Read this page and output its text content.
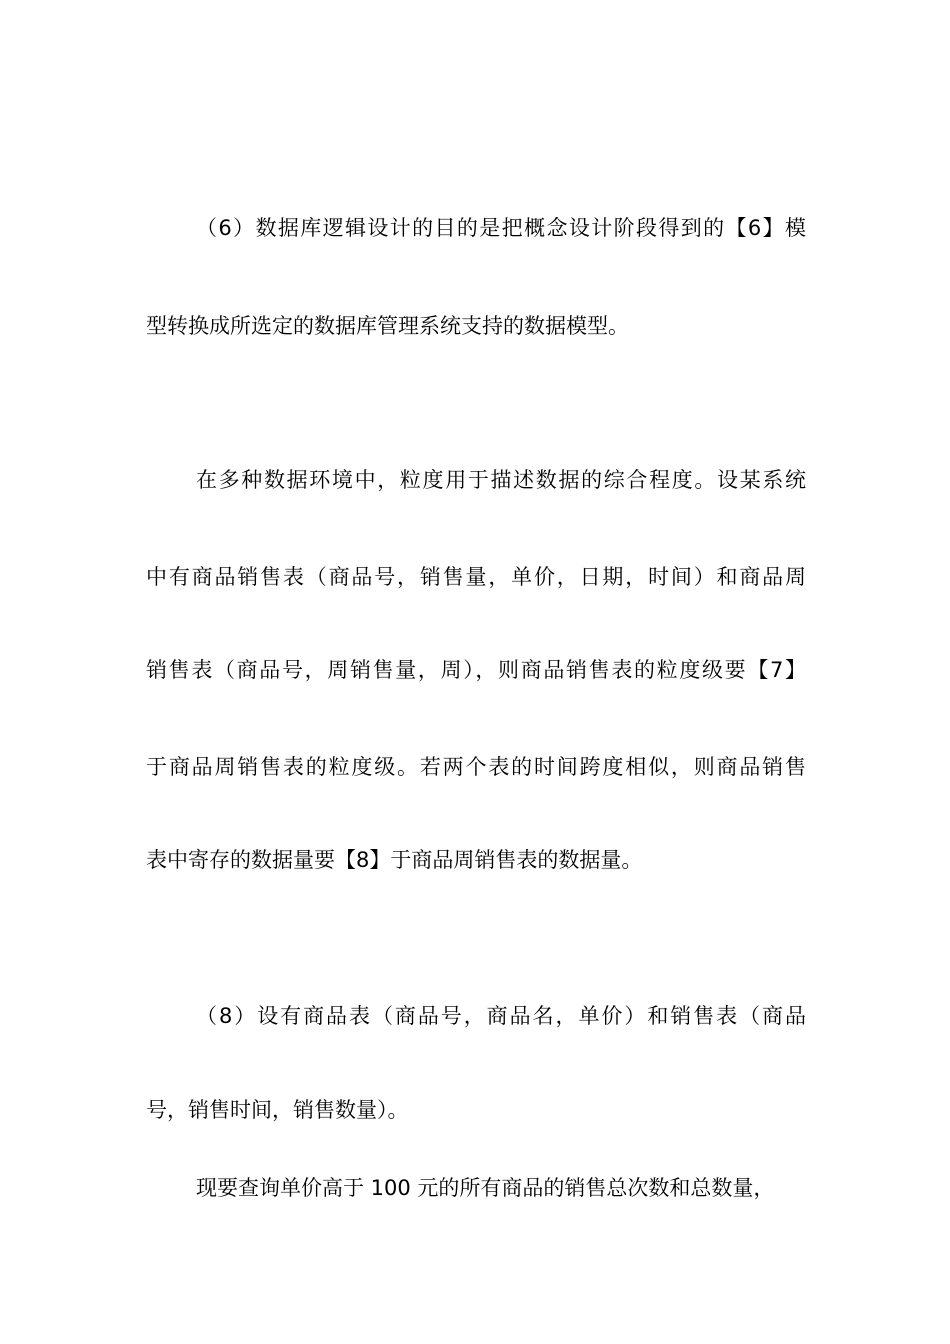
（6）数据库逻辑设计的目的是把概念设计阶段得到的【6】模
型转换成所选定的数据库管理系统支持的数据模型。
在多种数据环境中，粒度用于描述数据的综合程度。设某系统
中有商品销售表（商品号，销售量，单价，日期，时间）和商品周
销售表（商品号，周销售量，周），则商品销售表的粒度级要【7】
于商品周销售表的粒度级。若两个表的时间跨度相似，则商品销售
表中寄存的数据量要【8】于商品周销售表的数据量。
（8）设有商品表（商品号，商品名，单价）和销售表（商品
号，销售时间，销售数量）。
现要查询单价高于 100 元的所有商品的销售总次数和总数量，
